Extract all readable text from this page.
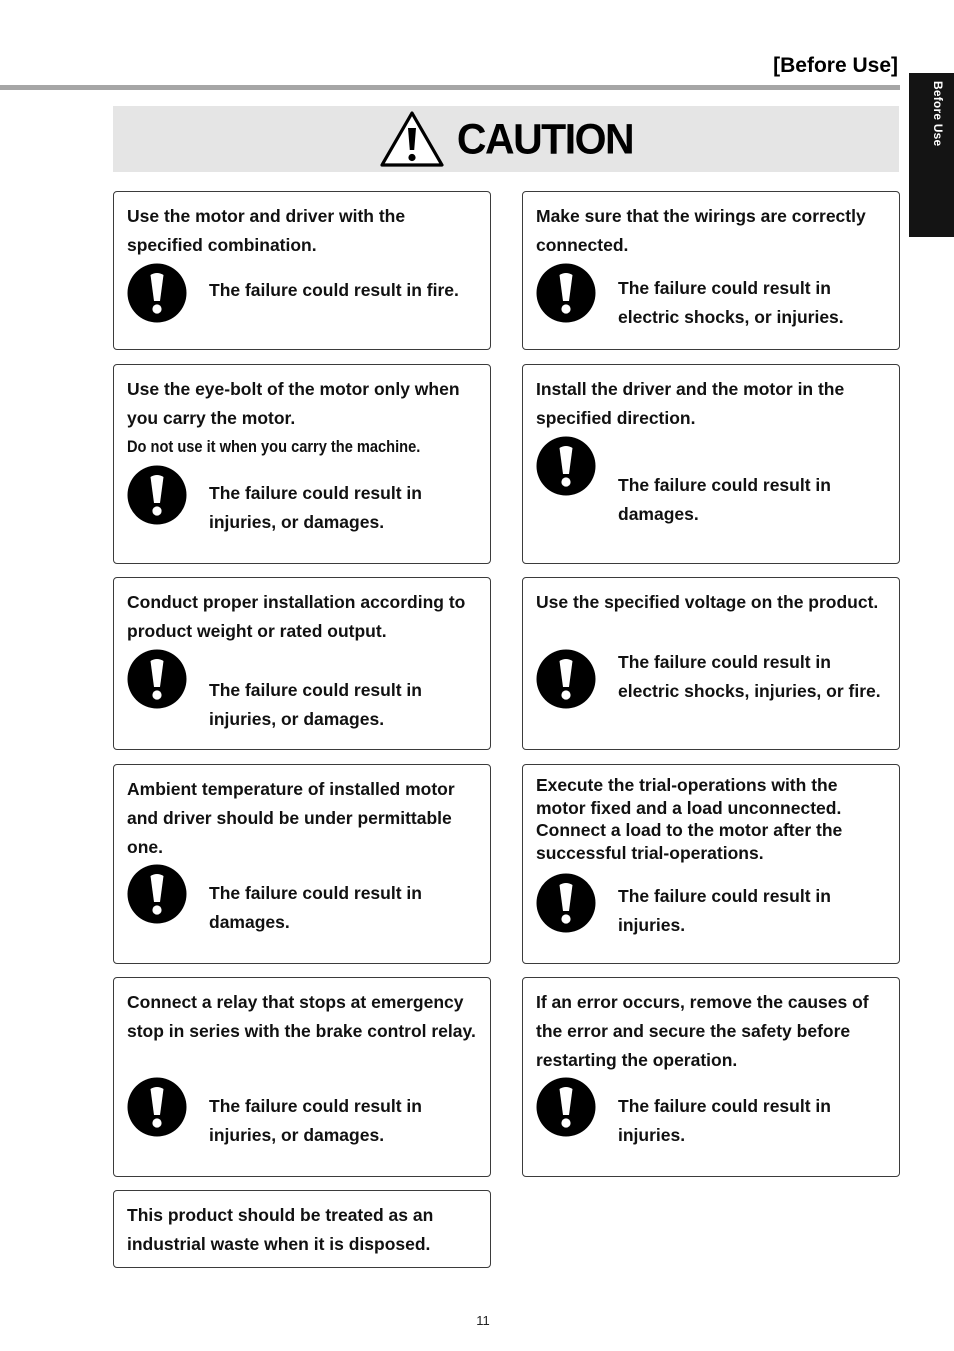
[Before Use]
Before Use
CAUTION

Use the motor and driver with the specified combination.

The failure could result in fire.

Make sure that the wirings are correctly connected.

The failure could result in electric shocks, or injuries.

Use the eye-bolt of the motor only when you carry the motor.

Do not use it when you carry the machine.
The failure could result in injuries, or damages.

Install the driver and the motor in the specified direction.

The failure could result in damages.

Conduct proper installation according to product weight or rated output.

The failure could result in injuries, or damages.

Use the specified voltage on the product.

The failure could result in electric shocks, injuries, or fire.

Ambient temperature of installed motor and driver should be under permittable one.

The failure could result in damages.

Execute the trial-operations with the motor fixed and a load unconnected. Connect a load to the motor after the successful trial-operations.

The failure could result in injuries.

Connect a relay that stops at emergency stop in series with the brake control relay.

The failure could result in injuries, or damages.

If an error occurs, remove the causes of the error and secure the safety before restarting the operation.

The failure could result in injuries.

This product should be treated as an industrial waste when it is disposed.

11
